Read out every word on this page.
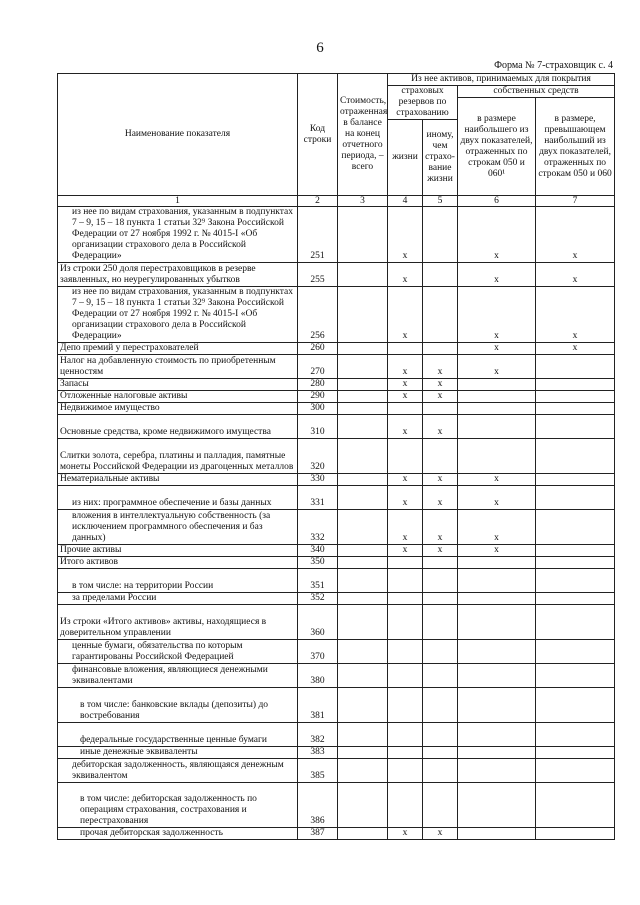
6
Форма № 7-страховщик с. 4
Наименование показателя	Код строки	Стоимость, отраженная в балансе на конец отчетного периода, – всего	Из нее активов, принимаемых для покрытия			
			страховых резервов по страхованию		собственных средств	
					в размере наибольшего из двух показателей, отраженных по строкам 050 и 060¹	в размере, превышающем наибольший из двух показателей, отраженных по строкам 050 и 060
			жизни	иному, чем страхо-вание жизни		
1	2	3	4	5	6	7
из нее по видам страхования, указанным в подпунктах 7 – 9, 15 – 18 пункта 1 статьи 32⁹ Закона Российской Федерации от 27 ноября 1992 г. № 4015-I «Об организации страхового дела в Российской Федерации»	251		x		x	x
Из строки 250 доля перестраховщиков в резерве заявленных, но неурегулированных убытков	255		x		x	x
из нее по видам страхования, указанным в подпунктах 7 – 9, 15 – 18 пункта 1 статьи 32⁹ Закона Российской Федерации от 27 ноября 1992 г. № 4015-I «Об организации страхового дела в Российской Федерации»	256		x		x	x
Депо премий у перестрахователей	260				x	x
Налог на добавленную стоимость по приобретенным ценностям	270		x	x	x	
Запасы	280		x	x		
Отложенные налоговые активы	290		x	x		
Недвижимое имущество	300					
Основные средства, кроме недвижимого имущества	310		x	x		
Слитки золота, серебра, платины и палладия, памятные монеты Российской Федерации из драгоценных металлов	320					
Нематериальные активы	330		x	x	x	
из них: программное обеспечение и базы данных	331		x	x	x	
вложения в интеллектуальную собственность (за исключением программного обеспечения и баз данных)	332		x	x	x	
Прочие активы	340		x	x	x	
Итого активов	350					
в том числе: на территории России	351					
за пределами России	352					
Из строки «Итого активов» активы, находящиеся в доверительном управлении	360					
ценные бумаги, обязательства по которым гарантированы Российской Федерацией	370					
финансовые вложения, являющиеся денежными эквивалентами	380					
в том числе: банковские вклады (депозиты) до востребования	381					
федеральные государственные ценные бумаги	382					
иные денежные эквиваленты	383					
дебиторская задолженность, являющаяся денежным эквивалентом	385					
в том числе: дебиторская задолженность по операциям страхования, сострахования и перестрахования	386					
прочая дебиторская задолженность	387		x	x		
